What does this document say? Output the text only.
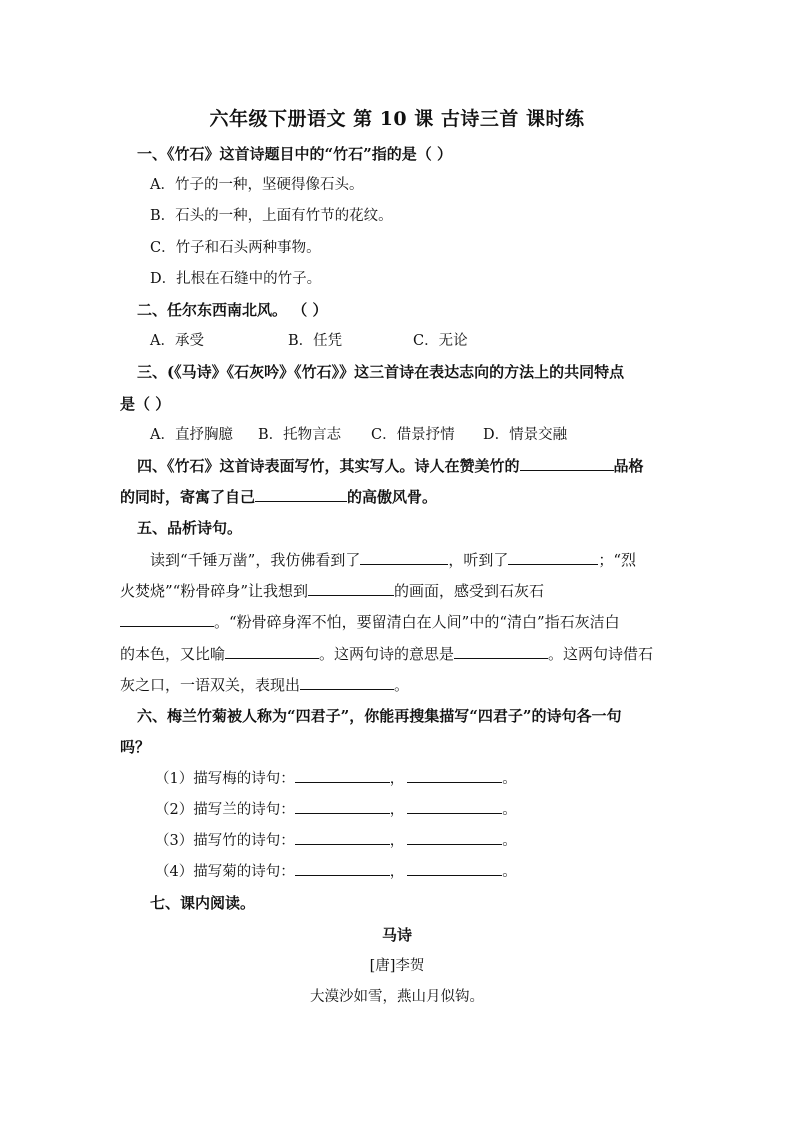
六年级下册语文 第 10 课 古诗三首 课时练
一、《竹石》这首诗题目中的“竹石”指的是（ ）
A．竹子的一种，坚硬得像石头。
B．石头的一种，上面有竹节的花纹。
C．竹子和石头两种事物。
D．扎根在石缝中的竹子。
二、任尔东西南北风。 （ ）
A．承受	B．任凭	C．无论
三、(《马诗》《石灰吟》《竹石》》这三首诗在表达志向的方法上的共同特点
是（ ）
A．直抒胸臆 B．托物言志 C．借景抒情 D．情景交融
四、《竹石》这首诗表面写竹，其实写人。诗人在赞美竹的	品格
的同时，寄寓了自己	的高傲风骨。
五、品析诗句。
读到“千锤万凿”，我仿佛看到了	，听到了	；“烈
火焚烧”“粉骨碎身”让我想到	的画面，感受到石灰石
。“粉骨碎身浑不怕，要留清白在人间”中的“清白”指石灰洁白
的本色，又比喻	。这两句诗的意思是	。这两句诗借石
灰之口，一语双关，表现出	。
六、梅兰竹菊被人称为“四君子”，你能再搜集描写“四君子”的诗句各一句
吗？
（1）描写梅的诗句：	，	。
（2）描写兰的诗句：	，	。
（3）描写竹的诗句：	，	。
（4）描写菊的诗句：	，	。
七、课内阅读。
马诗
[唐]李贺
大漠沙如雪，燕山月似钩。
